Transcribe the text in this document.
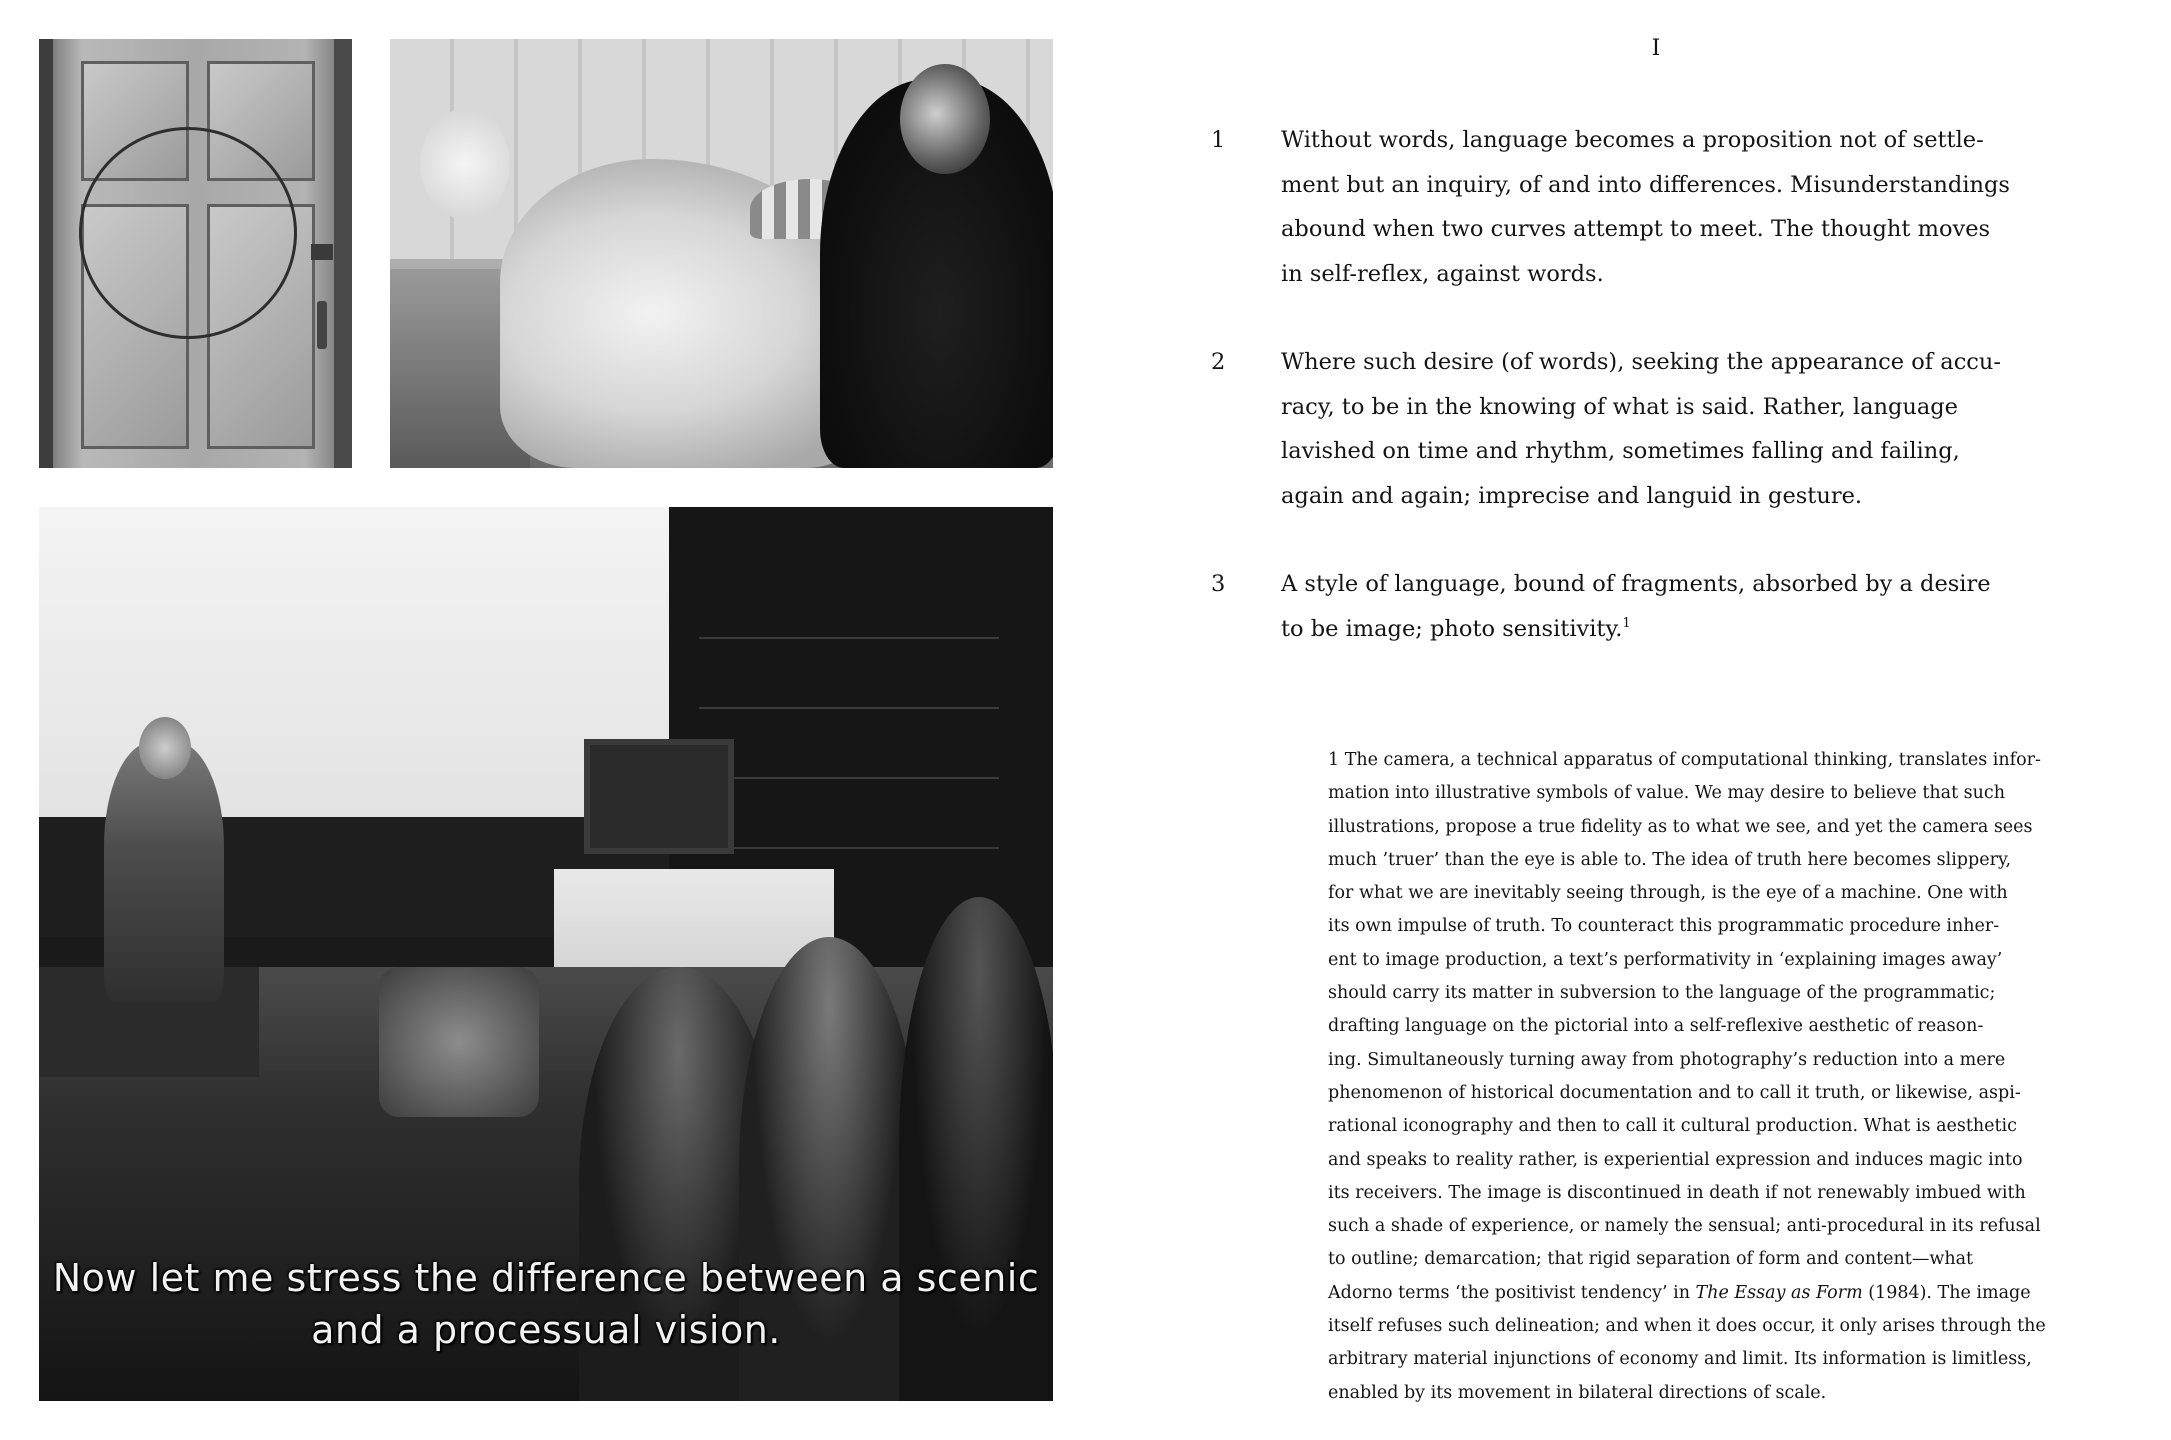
Now let me stress the difference between a scenic
and a processual vision.
I
1 Without words, language becomes a proposition not of settle-
ment but an inquiry, of and into differences. Misunderstandings
abound when two curves attempt to meet. The thought moves
in self-reflex, against words.
2 Where such desire (of words), seeking the appearance of accu-
racy, to be in the knowing of what is said. Rather, language
lavished on time and rhythm, sometimes falling and failing,
again and again; imprecise and languid in gesture.
3 A style of language, bound of fragments, absorbed by a desire
to be image; photo sensitivity.$^1$
1 The camera, a technical apparatus of computational thinking, translates infor-
mation into illustrative symbols of value. We may desire to believe that such
illustrations, propose a true fidelity as to what we see, and yet the camera sees
much ’truer’ than the eye is able to. The idea of truth here becomes slippery,
for what we are inevitably seeing through, is the eye of a machine. One with
its own impulse of truth. To counteract this programmatic procedure inher-
ent to image production, a text’s performativity in ‘explaining images away’
should carry its matter in subversion to the language of the programmatic;
drafting language on the pictorial into a self-reflexive aesthetic of reason-
ing. Simultaneously turning away from photography’s reduction into a mere
phenomenon of historical documentation and to call it truth, or likewise, aspi-
rational iconography and then to call it cultural production. What is aesthetic
and speaks to reality rather, is experiential expression and induces magic into
its receivers. The image is discontinued in death if not renewably imbued with
such a shade of experience, or namely the sensual; anti-procedural in its refusal
to outline; demarcation; that rigid separation of form and content—what
Adorno terms ‘the positivist tendency’ in The Essay as Form (1984). The image
itself refuses such delineation; and when it does occur, it only arises through the
arbitrary material injunctions of economy and limit. Its information is limitless,
enabled by its movement in bilateral directions of scale.
